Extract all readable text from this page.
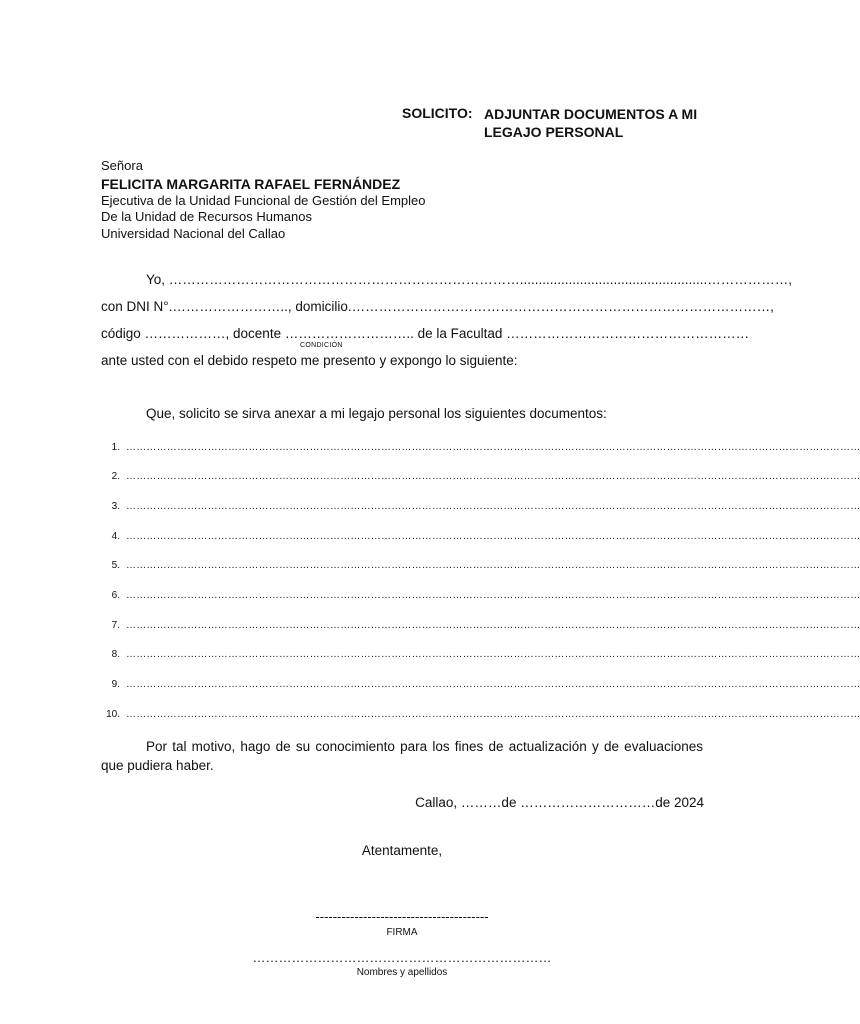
SOLICITO: ADJUNTAR DOCUMENTOS A MI LEGAJO PERSONAL
Señora
FELICITA MARGARITA RAFAEL FERNÁNDEZ
Ejecutiva de la Unidad Funcional de Gestión del Empleo
De la Unidad de Recursos Humanos
Universidad Nacional del Callao
Yo, ……………………………………………………………………..................................................………………,
con DNI N°.…………………….., domicilio.…………………………………………………………………………………,
código ………………, docente ……………………….. de la Facultad ………………………………………………
CONDICIÓN
ante usted con el debido respeto me presento y expongo lo siguiente:
Que, solicito se sirva anexar a mi legajo personal los siguientes documentos:
1. ………………………………………………………………………………………………………………………………………………………………………………………………
2. ………………………………………………………………………………………………………………………………………………………………………………………………
3. ………………………………………………………………………………………………………………………………………………………………………………………………
4. ………………………………………………………………………………………………………………………………………………………………………………………………
5. ………………………………………………………………………………………………………………………………………………………………………………………………
6. ………………………………………………………………………………………………………………………………………………………………………………………………
7. ………………………………………………………………………………………………………………………………………………………………………………………………
8. ………………………………………………………………………………………………………………………………………………………………………………………………
9. ………………………………………………………………………………………………………………………………………………………………………………………………
10. ………………………………………………………………………………………………………………………………………………………………………………………………
Por tal motivo, hago de su conocimiento para los fines de actualización y de evaluaciones que pudiera haber.
Callao, ………de …………………………de 2024
Atentamente,
----------------------------------------
FIRMA
……………………………………………………………
Nombres y apellidos
